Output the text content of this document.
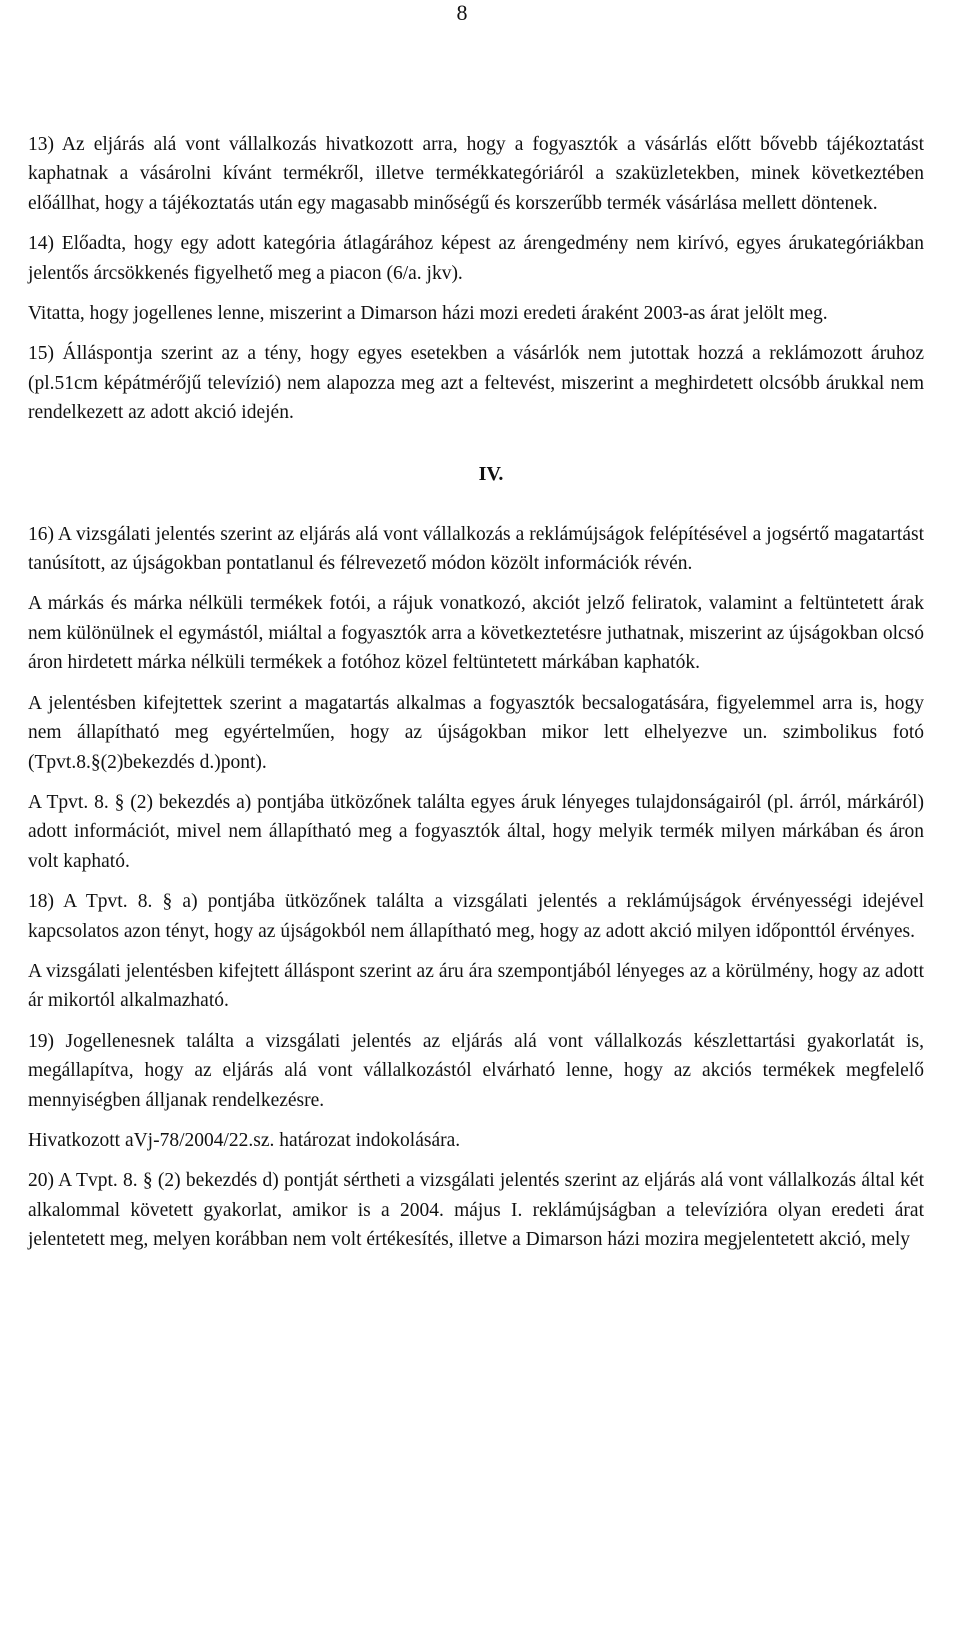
8

13) Az eljárás alá vont vállalkozás hivatkozott arra, hogy a fogyasztók a vásárlás előtt bővebb tájékoztatást kaphatnak a vásárolni kívánt termékről, illetve termékkategóriáról a szaküzletekben, minek következtében előállhat, hogy a tájékoztatás után egy magasabb minőségű és korszerűbb termék vásárlása mellett döntenek.

14) Előadta, hogy egy adott kategória átlagárához képest az árengedmény nem kirívó, egyes árukategóriákban jelentős árcsökkenés figyelhető meg a piacon (6/a. jkv).

Vitatta, hogy jogellenes lenne, miszerint a Dimarson házi mozi eredeti áraként 2003-as árat jelölt meg.

15) Álláspontja szerint az a tény, hogy egyes esetekben a vásárlók nem jutottak hozzá a reklámozott áruhoz (pl.51cm képátmérőjű televízió) nem alapozza meg azt a feltevést, miszerint a meghirdetett olcsóbb árukkal nem rendelkezett az adott akció idején.

IV.

16) A vizsgálati jelentés szerint az eljárás alá vont vállalkozás a reklámújságok felépítésével a jogsértő magatartást tanúsított, az újságokban pontatlanul és félrevezető módon közölt információk révén.

A márkás és márka nélküli termékek fotói, a rájuk vonatkozó, akciót jelző feliratok, valamint a feltüntetett árak nem különülnek el egymástól, miáltal a fogyasztók arra a következtetésre juthatnak, miszerint az újságokban olcsó áron hirdetett márka nélküli termékek a fotóhoz közel feltüntetett márkában kaphatók.

A jelentésben kifejtettek szerint a magatartás alkalmas a fogyasztók becsalogatására, figyelemmel arra is, hogy nem állapítható meg egyértelműen, hogy az újságokban mikor lett elhelyezve un. szimbolikus fotó (Tpvt.8.§(2)bekezdés d.)pont).

A Tpvt. 8. § (2) bekezdés a) pontjába ütközőnek találta egyes áruk lényeges tulajdonságairól (pl. árról, márkáról) adott információt, mivel nem állapítható meg a fogyasztók által, hogy melyik termék milyen márkában és áron volt kapható.

18) A Tpvt. 8. § a) pontjába ütközőnek találta a vizsgálati jelentés a reklámújságok érvényességi idejével kapcsolatos azon tényt, hogy az újságokból nem állapítható meg, hogy az adott akció milyen időponttól érvényes.

A vizsgálati jelentésben kifejtett álláspont szerint az áru ára szempontjából lényeges az a körülmény, hogy az adott ár mikortól alkalmazható.

19) Jogellenesnek találta a vizsgálati jelentés az eljárás alá vont vállalkozás készlettartási gyakorlatát is, megállapítva, hogy az eljárás alá vont vállalkozástól elvárható lenne, hogy az akciós termékek megfelelő mennyiségben álljanak rendelkezésre.

Hivatkozott aVj-78/2004/22.sz. határozat indokolására.

20) A Tvpt. 8. § (2) bekezdés d) pontját sértheti a vizsgálati jelentés szerint az eljárás alá vont vállalkozás által két alkalommal követett gyakorlat, amikor is a 2004. május I. reklámújságban a televízióra olyan eredeti árat jelentetett meg, melyen korábban nem volt értékesítés, illetve a Dimarson házi mozira megjelentetett akció, mely
